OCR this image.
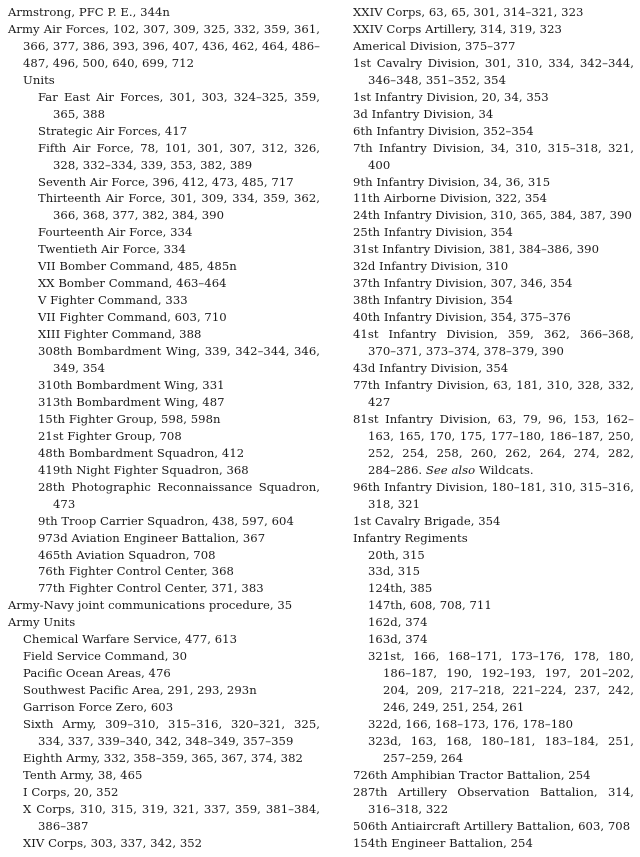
Armstrong, PFC P. E., 344n
Army Air Forces, 102, 307, 309, 325, 332, 359, 361, 366, 377, 386, 393, 396, 407, 436, 462, 464, 486–487, 496, 500, 640, 699, 712
Units
Far East Air Forces, 301, 303, 324–325, 359, 365, 388
Strategic Air Forces, 417
Fifth Air Force, 78, 101, 301, 307, 312, 326, 328, 332–334, 339, 353, 382, 389
Seventh Air Force, 396, 412, 473, 485, 717
Thirteenth Air Force, 301, 309, 334, 359, 362, 366, 368, 377, 382, 384, 390
Fourteenth Air Force, 334
Twentieth Air Force, 334
VII Bomber Command, 485, 485n
XX Bomber Command, 463–464
V Fighter Command, 333
VII Fighter Command, 603, 710
XIII Fighter Command, 388
308th Bombardment Wing, 339, 342–344, 346, 349, 354
310th Bombardment Wing, 331
313th Bombardment Wing, 487
15th Fighter Group, 598, 598n
21st Fighter Group, 708
48th Bombardment Squadron, 412
419th Night Fighter Squadron, 368
28th Photographic Reconnaissance Squadron, 473
9th Troop Carrier Squadron, 438, 597, 604
973d Aviation Engineer Battalion, 367
465th Aviation Squadron, 708
76th Fighter Control Center, 368
77th Fighter Control Center, 371, 383
Army-Navy joint communications procedure, 35
Army Units
Chemical Warfare Service, 477, 613
Field Service Command, 30
Pacific Ocean Areas, 476
Southwest Pacific Area, 291, 293, 293n
Garrison Force Zero, 603
Sixth Army, 309–310, 315–316, 320–321, 325, 334, 337, 339–340, 342, 348–349, 357–359
Eighth Army, 332, 358–359, 365, 367, 374, 382
Tenth Army, 38, 465
I Corps, 20, 352
X Corps, 310, 315, 319, 321, 337, 359, 381–384, 386–387
XIV Corps, 303, 337, 342, 352
XXIV Corps, 63, 65, 301, 314–321, 323
XXIV Corps Artillery, 314, 319, 323
Americal Division, 375–377
1st Cavalry Division, 301, 310, 334, 342–344, 346–348, 351–352, 354
1st Infantry Division, 20, 34, 353
3d Infantry Division, 34
6th Infantry Division, 352–354
7th Infantry Division, 34, 310, 315–318, 321, 400
9th Infantry Division, 34, 36, 315
11th Airborne Division, 322, 354
24th Infantry Division, 310, 365, 384, 387, 390
25th Infantry Division, 354
31st Infantry Division, 381, 384–386, 390
32d Infantry Division, 310
37th Infantry Division, 307, 346, 354
38th Infantry Division, 354
40th Infantry Division, 354, 375–376
41st Infantry Division, 359, 362, 366–368, 370–371, 373–374, 378–379, 390
43d Infantry Division, 354
77th Infantry Division, 63, 181, 310, 328, 332, 427
81st Infantry Division, 63, 79, 96, 153, 162–163, 165, 170, 175, 177–180, 186–187, 250, 252, 254, 258, 260, 262, 264, 274, 282, 284–286. See also Wildcats.
96th Infantry Division, 180–181, 310, 315–316, 318, 321
1st Cavalry Brigade, 354
Infantry Regiments
20th, 315
33d, 315
124th, 385
147th, 608, 708, 711
162d, 374
163d, 374
321st, 166, 168–171, 173–176, 178, 180, 186–187, 190, 192–193, 197, 201–202, 204, 209, 217–218, 221–224, 237, 242, 246, 249, 251, 254, 261
322d, 166, 168–173, 176, 178–180
323d, 163, 168, 180–181, 183–184, 251, 257–259, 264
726th Amphibian Tractor Battalion, 254
287th Artillery Observation Battalion, 314, 316–318, 322
506th Antiaircraft Artillery Battalion, 603, 708
154th Engineer Battalion, 254
